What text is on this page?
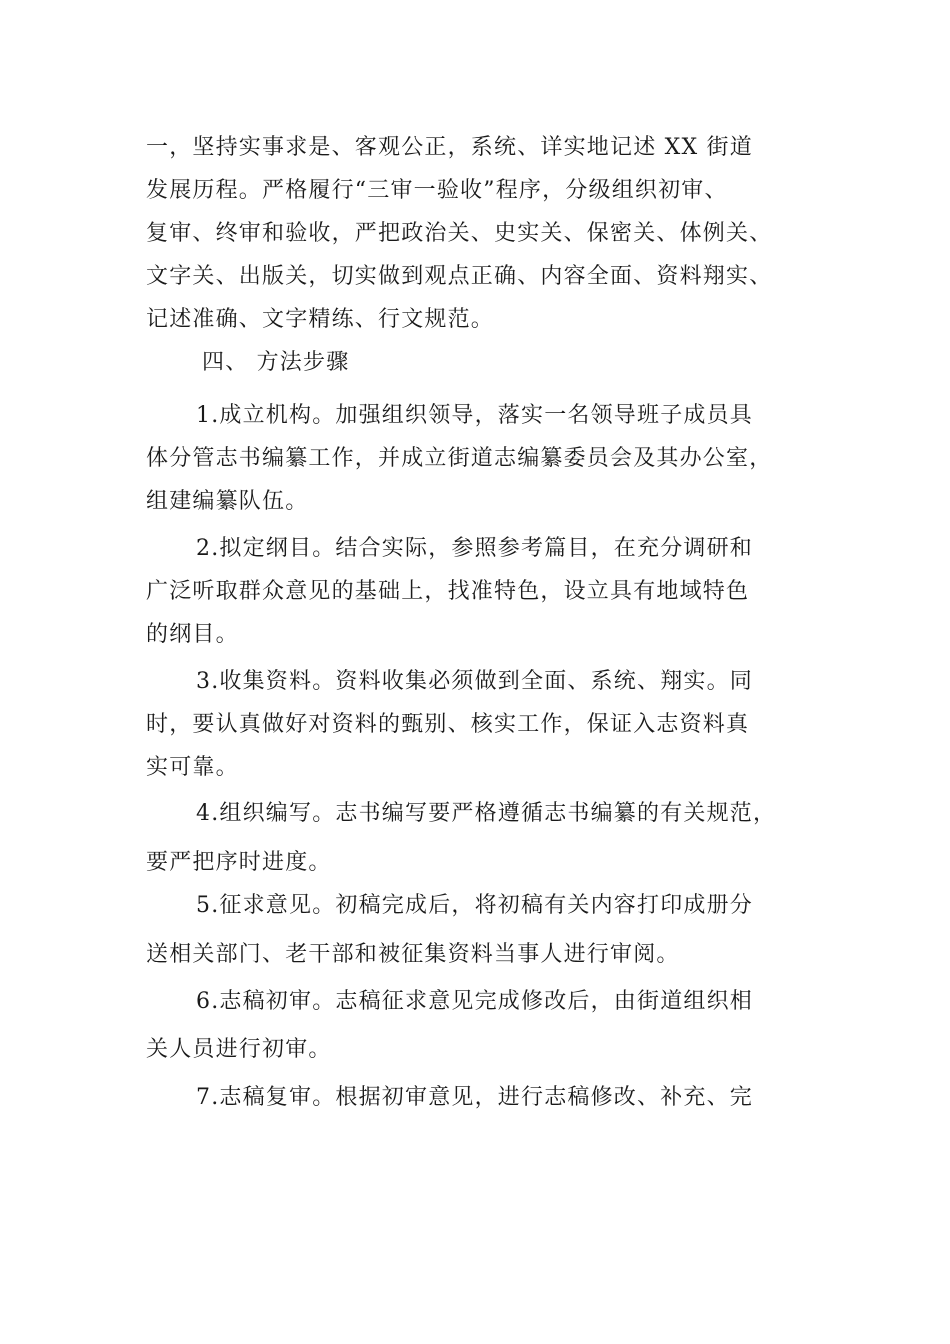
一，坚持实事求是、客观公正，系统、详实地记述 XX 街道
发展历程。严格履行“三审一验收”程序，分级组织初审、
复审、终审和验收，严把政治关、史实关、保密关、体例关、
文字关、出版关，切实做到观点正确、内容全面、资料翔实、
记述准确、文字精练、行文规范。
四、 方法步骤
1.成立机构。加强组织领导，落实一名领导班子成员具
体分管志书编纂工作，并成立街道志编纂委员会及其办公室，
组建编纂队伍。
2.拟定纲目。结合实际，参照参考篇目，在充分调研和
广泛听取群众意见的基础上，找准特色，设立具有地域特色
的纲目。
3.收集资料。资料收集必须做到全面、系统、翔实。同
时，要认真做好对资料的甄别、核实工作，保证入志资料真
实可靠。
4.组织编写。志书编写要严格遵循志书编纂的有关规范，
要严把序时进度。
5.征求意见。初稿完成后，将初稿有关内容打印成册分
送相关部门、老干部和被征集资料当事人进行审阅。
6.志稿初审。志稿征求意见完成修改后，由街道组织相
关人员进行初审。
7.志稿复审。根据初审意见，进行志稿修改、补充、完
